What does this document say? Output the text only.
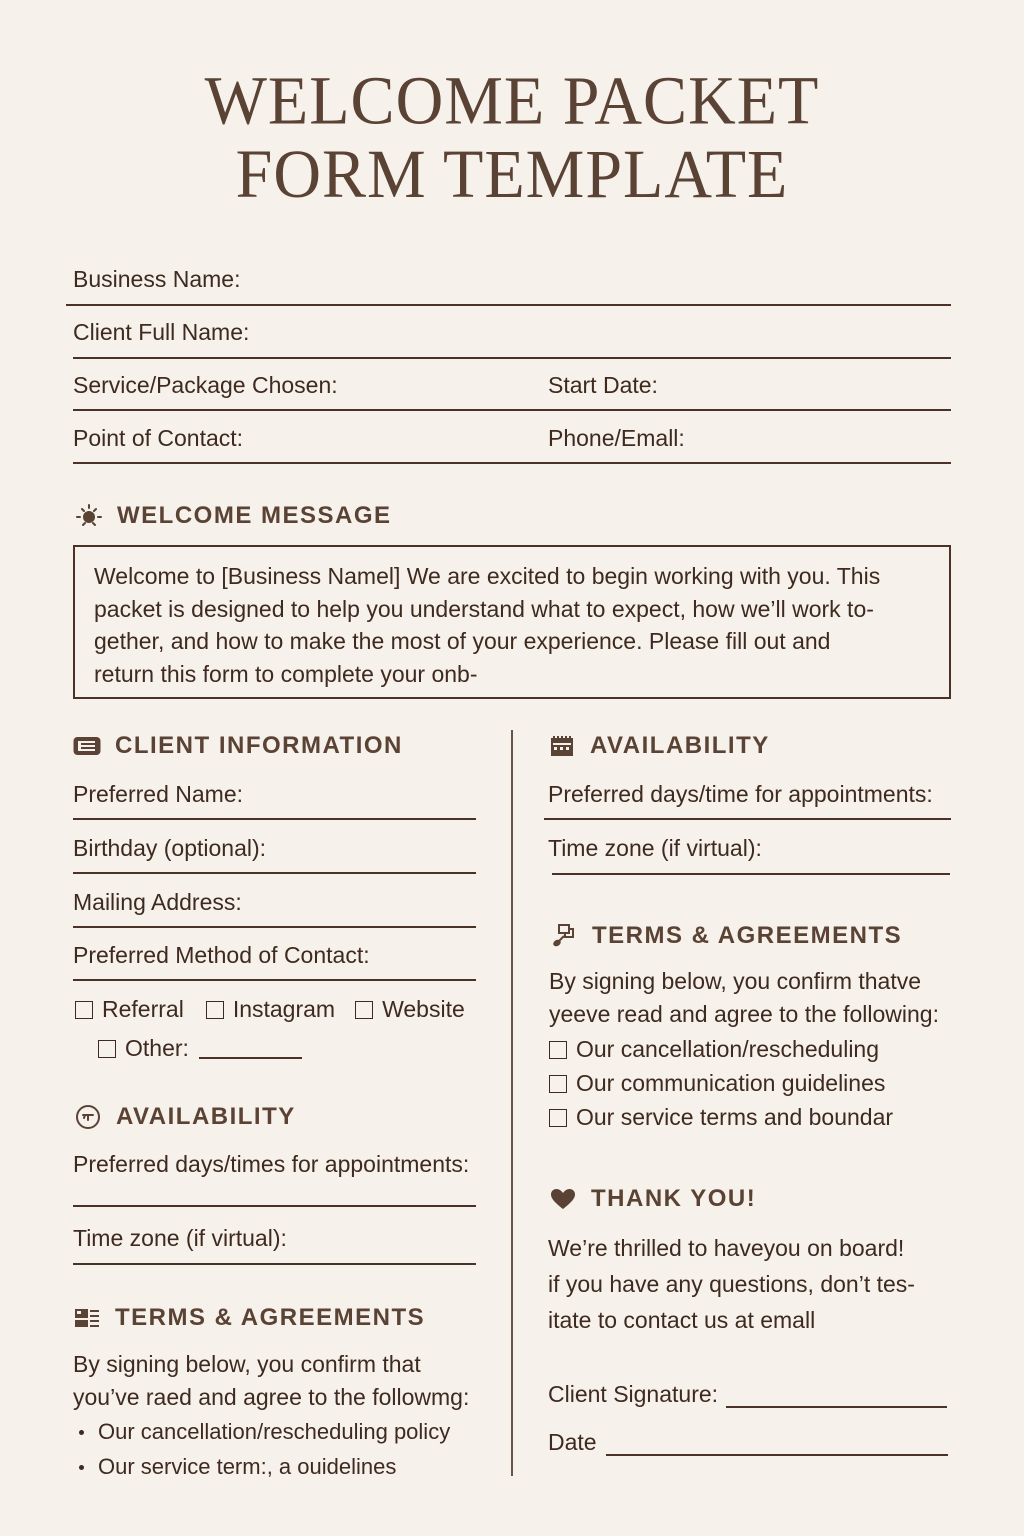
WELCOME PACKET
FORM TEMPLATE
Business Name:
Client Full Name:
Service/Package Chosen:	Start Date:
Point of Contact:	Phone/Emall:
WELCOME MESSAGE
Welcome to [Business Namel] We are excited to begin working with you. This
packet is designed to help you understand what to expect, how we’ll work to-
gether, and how to make the most of your experience. Please fill out and
return this form to complete your onb-
CLIENT INFORMATION
Preferred Name:
Birthday (optional):
Mailing Address:
Preferred Method of Contact:
Referral Instagram Website
Other:
AVAILABILITY
Preferred days/times for appointments:
Time zone (if virtual):
TERMS & AGREEMENTS
By signing below, you confirm that
you’ve raed and agree to the followmg:
Our cancellation/rescheduling policy
Our service term:, a ouidelines
AVAILABILITY
Preferred days/time for appointments:
Time zone (if virtual):
TERMS & AGREEMENTS
By signing below, you confirm thatve
yeeve read and agree to the following:
Our cancellation/rescheduling
Our communication guidelines
Our service terms and boundar
THANK YOU!
We’re thrilled to haveyou on board!
if you have any questions, don’t tes-
itate to contact us at emall
Client Signature:
Date
